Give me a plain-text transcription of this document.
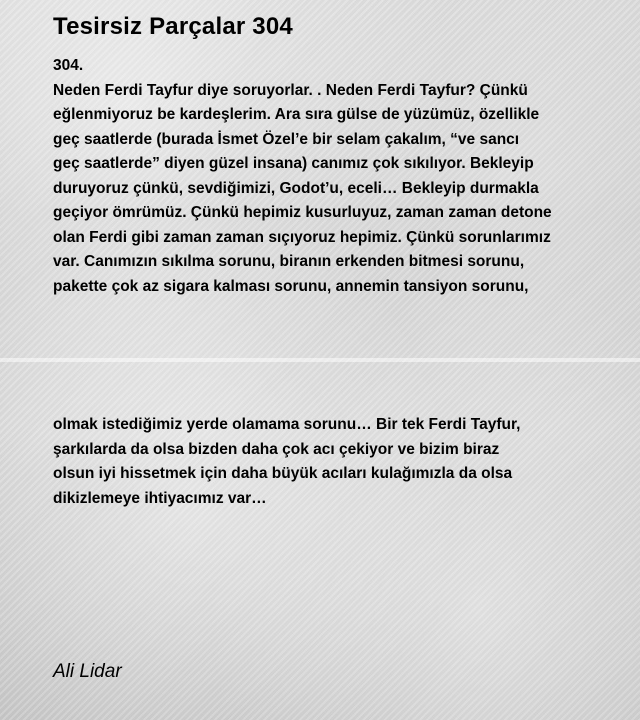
Tesirsiz Parçalar 304
304.
Neden Ferdi Tayfur diye soruyorlar. . Neden Ferdi Tayfur? Çünkü
eğlenmiyoruz be kardeşlerim. Ara sıra gülse de yüzümüz, özellikle
geç saatlerde (burada İsmet Özel’e bir selam çakalım, “ve sancı
geç saatlerde” diyen güzel insana) canımız çok sıkılıyor. Bekleyip
duruyoruz çünkü, sevdiğimizi, Godot’u, eceli… Bekleyip durmakla
geçiyor ömrümüz. Çünkü hepimiz kusurluyuz, zaman zaman detone
olan Ferdi gibi zaman zaman sıçıyoruz hepimiz. Çünkü sorunlarımız
var. Canımızın sıkılma sorunu, biranın erkenden bitmesi sorunu,
pakette çok az sigara kalması sorunu, annemin tansiyon sorunu,
olmak istediğimiz yerde olamama sorunu… Bir tek Ferdi Tayfur,
şarkılarda da olsa bizden daha çok acı çekiyor ve bizim biraz
olsun iyi hissetmek için daha büyük acıları kulağımızla da olsa
dikizlemeye ihtiyacımız var…

Ali Lidar
